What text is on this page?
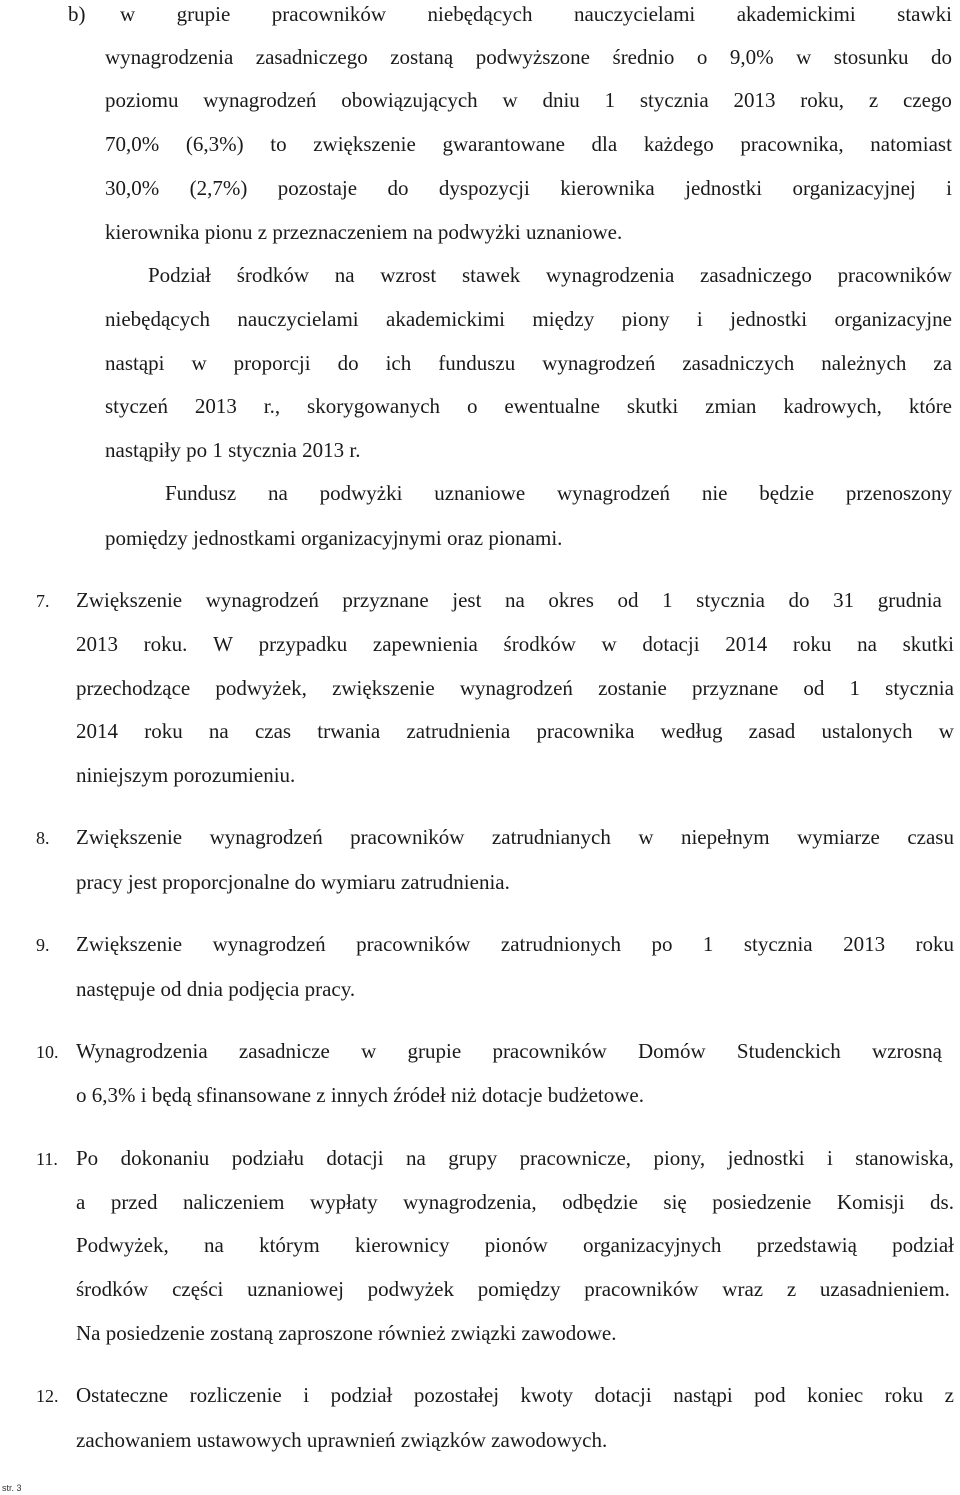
b)	w grupie pracowników niebędących nauczycielami akademickimi stawki
wynagrodzenia zasadniczego zostaną podwyższone średnio o 9,0% w stosunku do
poziomu wynagrodzeń obowiązujących w dniu 1 stycznia 2013 roku, z czego
70,0% (6,3%) to zwiększenie gwarantowane dla każdego pracownika, natomiast
30,0% (2,7%) pozostaje do dyspozycji kierownika jednostki organizacyjnej i
kierownika pionu z przeznaczeniem na podwyżki uznaniowe.
Podział środków na wzrost stawek wynagrodzenia zasadniczego pracowników
niebędących nauczycielami akademickimi między piony i jednostki organizacyjne
nastąpi w proporcji do ich funduszu wynagrodzeń zasadniczych należnych za
styczeń 2013 r., skorygowanych o ewentualne skutki zmian kadrowych, które
nastąpiły po 1 stycznia 2013 r.
Fundusz na podwyżki uznaniowe wynagrodzeń nie będzie przenoszony
pomiędzy jednostkami organizacyjnymi oraz pionami.
7. Zwiększenie wynagrodzeń przyznane jest na okres od 1 stycznia do 31 grudnia
2013 roku. W przypadku zapewnienia środków w dotacji 2014 roku na skutki
przechodzące podwyżek, zwiększenie wynagrodzeń zostanie przyznane od 1 stycznia
2014 roku na czas trwania zatrudnienia pracownika według zasad ustalonych w
niniejszym porozumieniu.
8. Zwiększenie wynagrodzeń pracowników zatrudnianych w niepełnym wymiarze czasu
pracy jest proporcjonalne do wymiaru zatrudnienia.
9. Zwiększenie wynagrodzeń pracowników zatrudnionych po 1 stycznia 2013 roku
następuje od dnia podjęcia pracy.
10. Wynagrodzenia zasadnicze w grupie pracowników Domów Studenckich wzrosną
o 6,3% i będą sfinansowane z innych źródeł niż dotacje budżetowe.
11. Po dokonaniu podziału dotacji na grupy pracownicze, piony, jednostki i stanowiska,
a przed naliczeniem wypłaty wynagrodzenia, odbędzie się posiedzenie Komisji ds.
Podwyżek, na którym kierownicy pionów organizacyjnych przedstawią podział
środków części uznaniowej podwyżek pomiędzy pracowników wraz z uzasadnieniem.
Na posiedzenie zostaną zaproszone również związki zawodowe.
12. Ostateczne rozliczenie i podział pozostałej kwoty dotacji nastąpi pod koniec roku z
zachowaniem ustawowych uprawnień związków zawodowych.
str. 3
